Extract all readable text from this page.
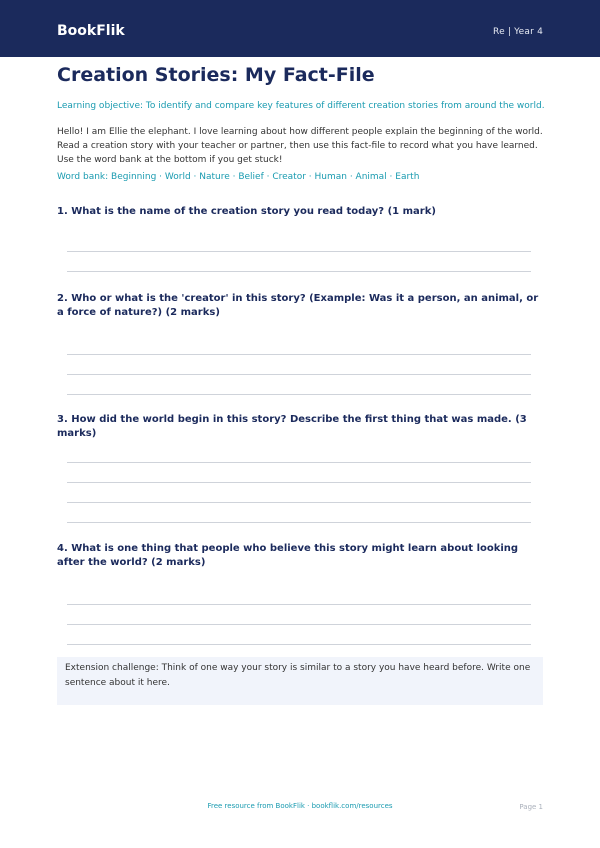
BookFlik	Re | Year 4
Creation Stories: My Fact-File
Learning objective: To identify and compare key features of different creation stories from around the world.
Hello! I am Ellie the elephant. I love learning about how different people explain the beginning of the world. Read a creation story with your teacher or partner, then use this fact-file to record what you have learned. Use the word bank at the bottom if you get stuck!
Word bank: Beginning · World · Nature · Belief · Creator · Human · Animal · Earth
1. What is the name of the creation story you read today? (1 mark)
2. Who or what is the 'creator' in this story? (Example: Was it a person, an animal, or a force of nature?) (2 marks)
3. How did the world begin in this story? Describe the first thing that was made. (3 marks)
4. What is one thing that people who believe this story might learn about looking after the world? (2 marks)
Extension challenge: Think of one way your story is similar to a story you have heard before. Write one sentence about it here.
Free resource from BookFlik · bookflik.com/resources	Page 1
